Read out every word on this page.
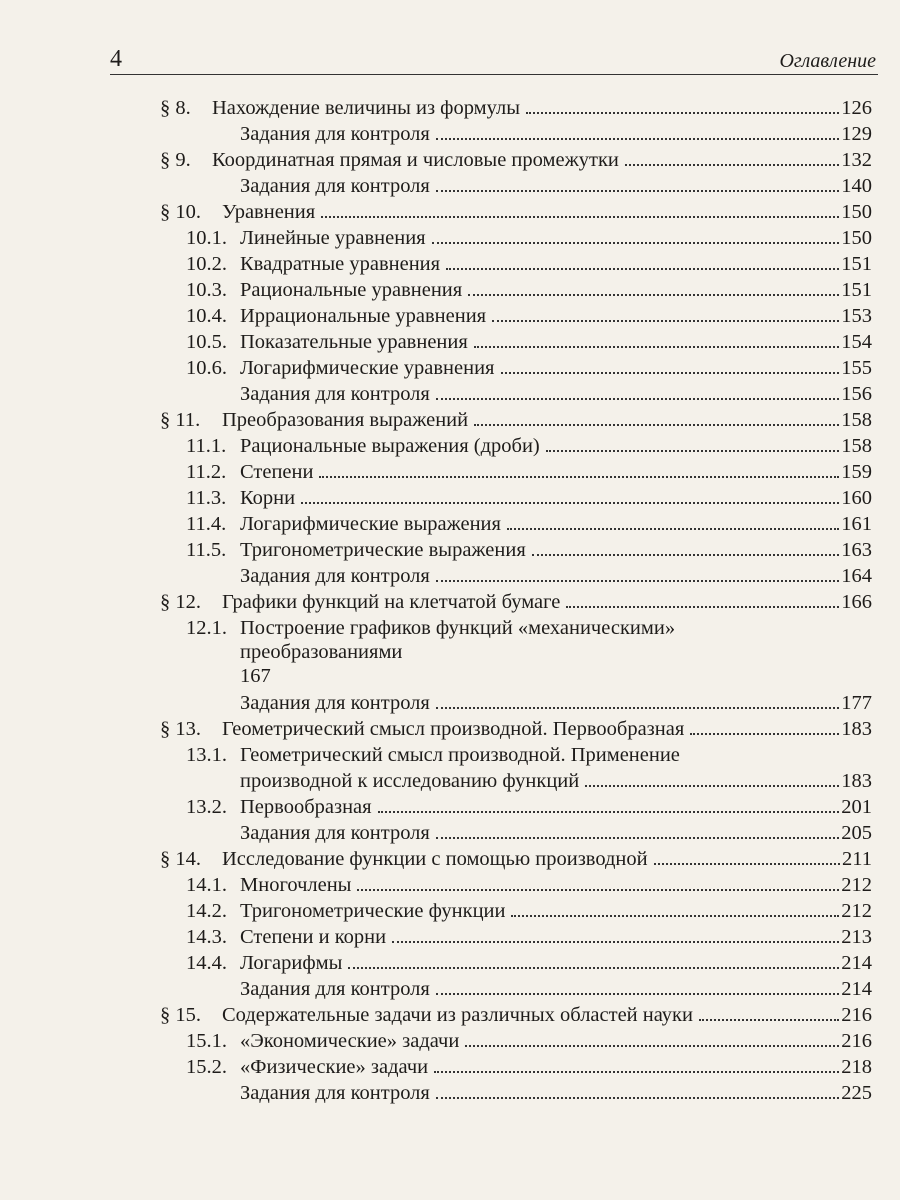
4	Оглавление
§ 8.	Нахождение величины из формулы	126
Задания для контроля	129
§ 9.	Координатная прямая и числовые промежутки	132
Задания для контроля	140
§ 10.	Уравнения	150
10.1. Линейные уравнения	150
10.2. Квадратные уравнения	151
10.3. Рациональные уравнения	151
10.4. Иррациональные уравнения	153
10.5. Показательные уравнения	154
10.6. Логарифмические уравнения	155
Задания для контроля	156
§ 11.	Преобразования выражений	158
11.1. Рациональные выражения (дроби)	158
11.2. Степени	159
11.3. Корни	160
11.4. Логарифмические выражения	161
11.5. Тригонометрические выражения	163
Задания для контроля	164
§ 12.	Графики функций на клетчатой бумаге	166
12.1. Построение графиков функций «механическими»
преобразованиями
167
Задания для контроля	177
§ 13.	Геометрический смысл производной. Первообразная	183
13.1. Геометрический смысл производной. Применение
производной к исследованию функций	183
13.2. Первообразная	201
Задания для контроля	205
§ 14.	Исследование функции с помощью производной	211
14.1. Многочлены	212
14.2. Тригонометрические функции	212
14.3. Степени и корни	213
14.4. Логарифмы	214
Задания для контроля	214
§ 15.	Содержательные задачи из различных областей науки	216
15.1. «Экономические» задачи	216
15.2. «Физические» задачи	218
Задания для контроля	225
